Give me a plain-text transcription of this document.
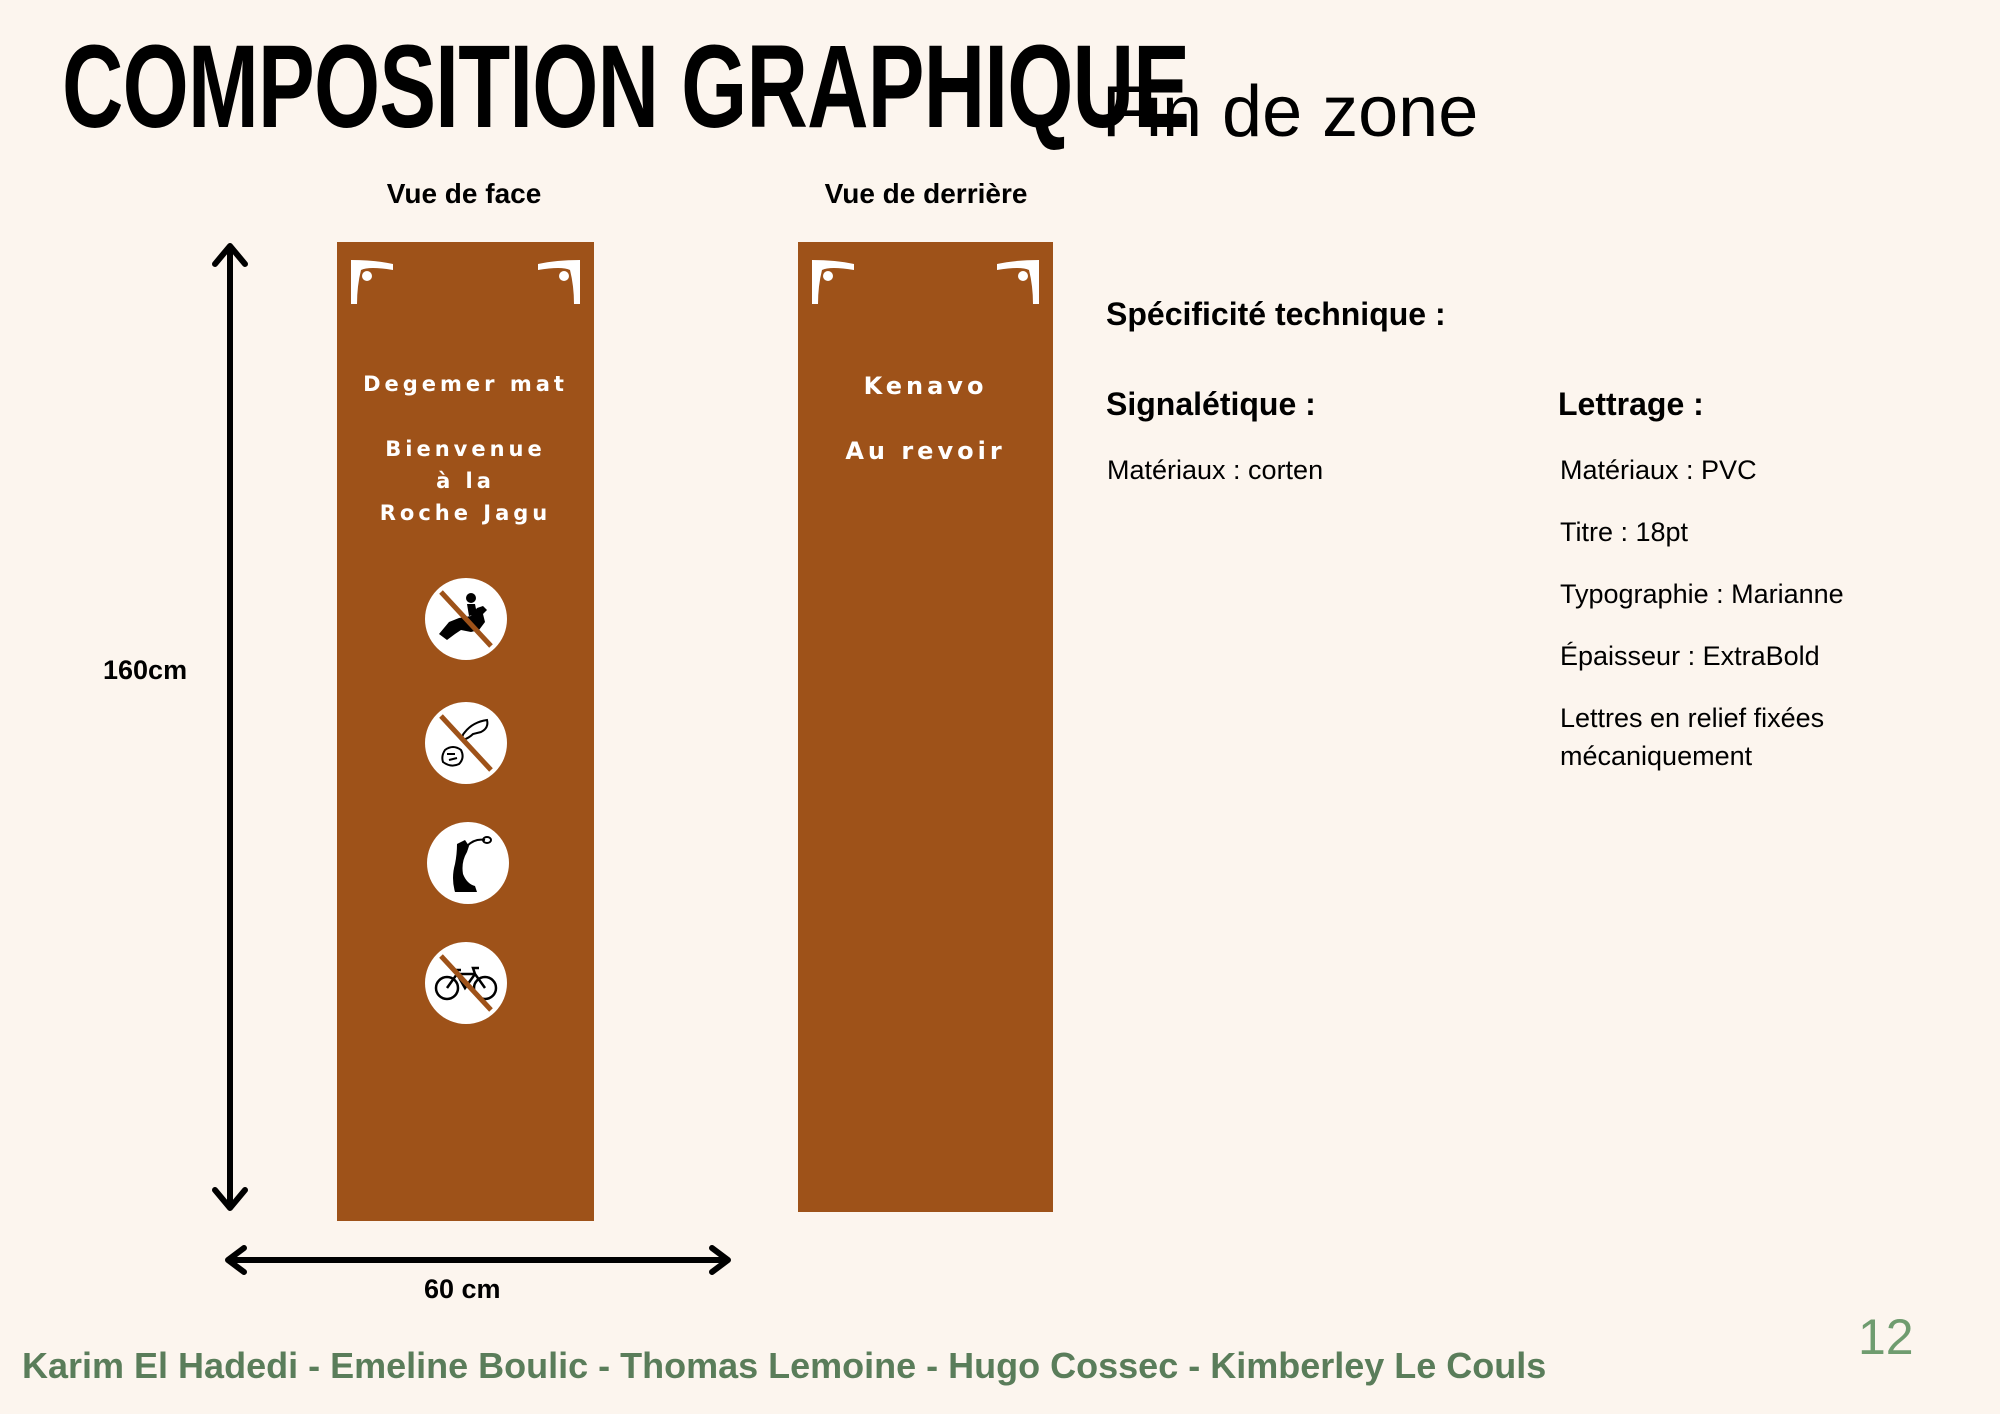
COMPOSITION GRAPHIQUE
Fin de zone
Vue de face	Vue de derrière
160cm
60 cm
Degemer mat
Bienvenue
à la
Roche Jagu
Kenavo
Au revoir
Spécificité technique :
Signalétique :
Matériaux : corten
Lettrage :
Matériaux : PVC
Titre : 18pt
Typographie : Marianne
Épaisseur : ExtraBold
Lettres en relief fixées mécaniquement
Karim El Hadedi - Emeline Boulic - Thomas Lemoine - Hugo Cossec - Kimberley Le Couls
12
